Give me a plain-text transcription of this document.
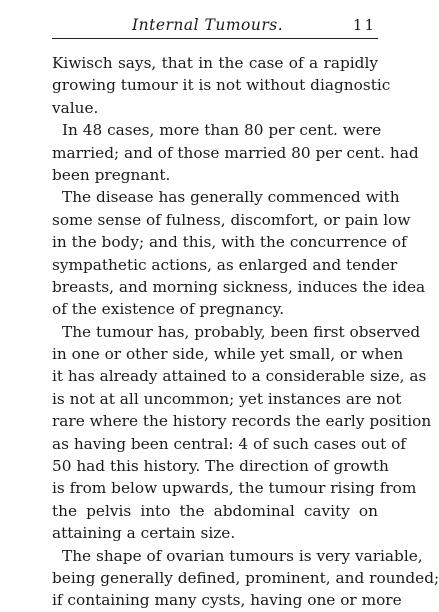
Internal Tumours.	11
Kiwisch says, that in the case of a rapidly
growing tumour it is not without diagnostic
value.
In 48 cases, more than 80 per cent. were
married; and of those married 80 per cent. had
been pregnant.
The disease has generally commenced with
some sense of fulness, discomfort, or pain low
in the body; and this, with the concurrence of
sympathetic actions, as enlarged and tender
breasts, and morning sickness, induces the idea
of the existence of pregnancy.
The tumour has, probably, been first observed
in one or other side, while yet small, or when
it has already attained to a considerable size, as
is not at all uncommon; yet instances are not
rare where the history records the early position
as having been central: 4 of such cases out of
50 had this history. The direction of growth
is from below upwards, the tumour rising from
the pelvis into the abdominal cavity on
attaining a certain size.
The shape of ovarian tumours is very variable,
being generally defined, prominent, and rounded;
if containing many cysts, having one or more
